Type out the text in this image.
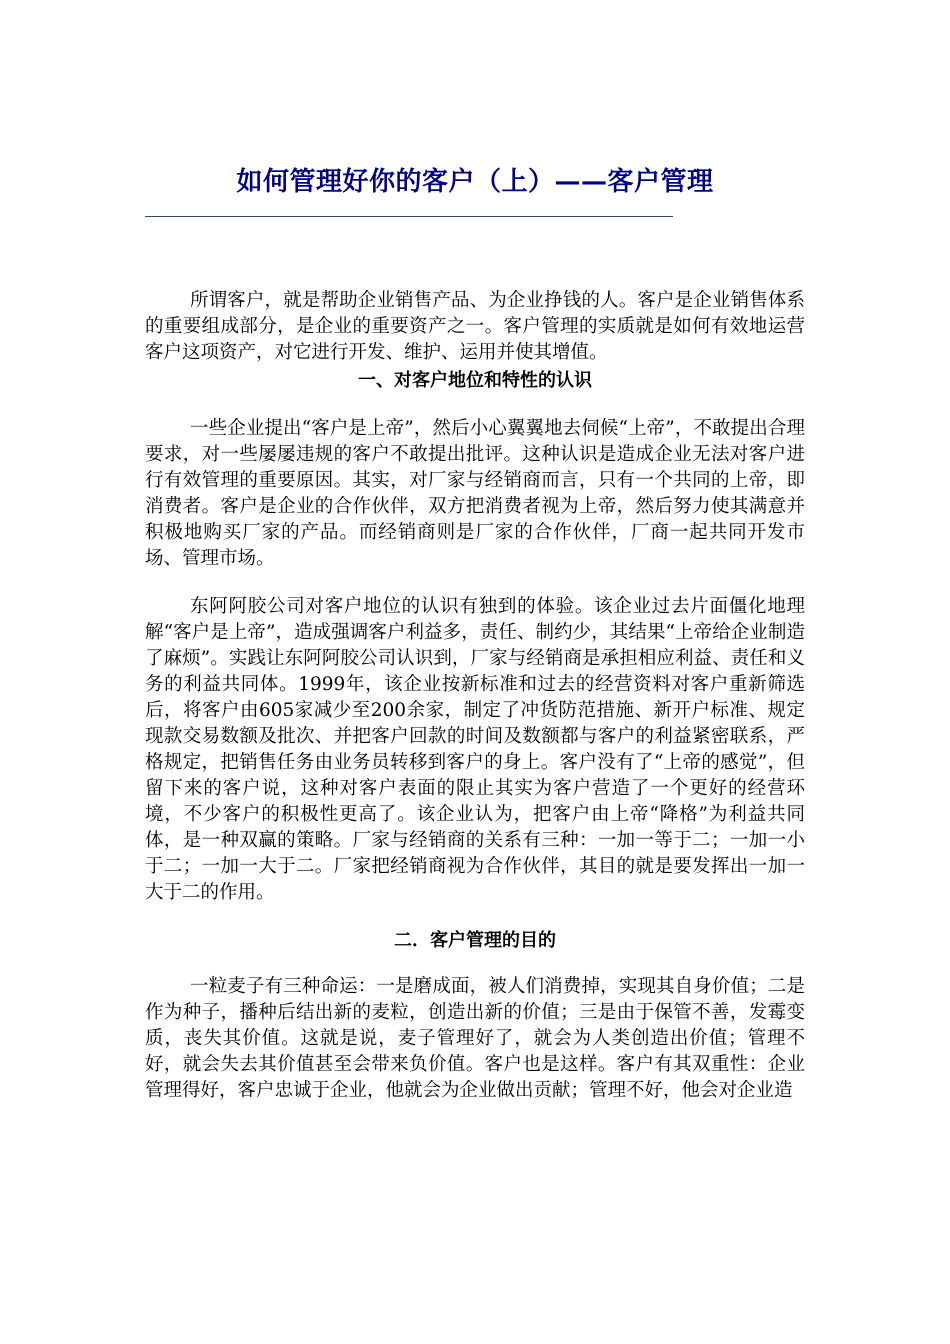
如何管理好你的客户（上）——客户管理

所谓客户，就是帮助企业销售产品、为企业挣钱的人。客户是企业销售体系的重要组成部分，是企业的重要资产之一。客户管理的实质就是如何有效地运营客户这项资产，对它进行开发、维护、运用并使其增值。

一、对客户地位和特性的认识

一些企业提出“客户是上帝”，然后小心翼翼地去伺候“上帝”，不敢提出合理要求，对一些屡屡违规的客户不敢提出批评。这种认识是造成企业无法对客户进行有效管理的重要原因。其实，对厂家与经销商而言，只有一个共同的上帝，即消费者。客户是企业的合作伙伴，双方把消费者视为上帝，然后努力使其满意并积极地购买厂家的产品。而经销商则是厂家的合作伙伴，厂商一起共同开发市场、管理市场。

东阿阿胶公司对客户地位的认识有独到的体验。该企业过去片面僵化地理解“客户是上帝”，造成强调客户利益多，责任、制约少，其结果“上帝给企业制造了麻烦”。实践让东阿阿胶公司认识到，厂家与经销商是承担相应利益、责任和义务的利益共同体。1999年，该企业按新标准和过去的经营资料对客户重新筛选后，将客户由605家减少至200余家，制定了冲货防范措施、新开户标准、规定现款交易数额及批次、并把客户回款的时间及数额都与客户的利益紧密联系，严格规定，把销售任务由业务员转移到客户的身上。客户没有了“上帝的感觉”，但留下来的客户说，这种对客户表面的限止其实为客户营造了一个更好的经营环境，不少客户的积极性更高了。该企业认为，把客户由上帝“降格”为利益共同体，是一种双赢的策略。厂家与经销商的关系有三种：一加一等于二；一加一小于二；一加一大于二。厂家把经销商视为合作伙伴，其目的就是要发挥出一加一大于二的作用。

二．客户管理的目的

一粒麦子有三种命运：一是磨成面，被人们消费掉，实现其自身价值；二是作为种子，播种后结出新的麦粒，创造出新的价值；三是由于保管不善，发霉变质，丧失其价值。这就是说，麦子管理好了，就会为人类创造出价值；管理不好，就会失去其价值甚至会带来负价值。客户也是这样。客户有其双重性：企业管理得好，客户忠诚于企业，他就会为企业做出贡献；管理不好，他会对企业造
